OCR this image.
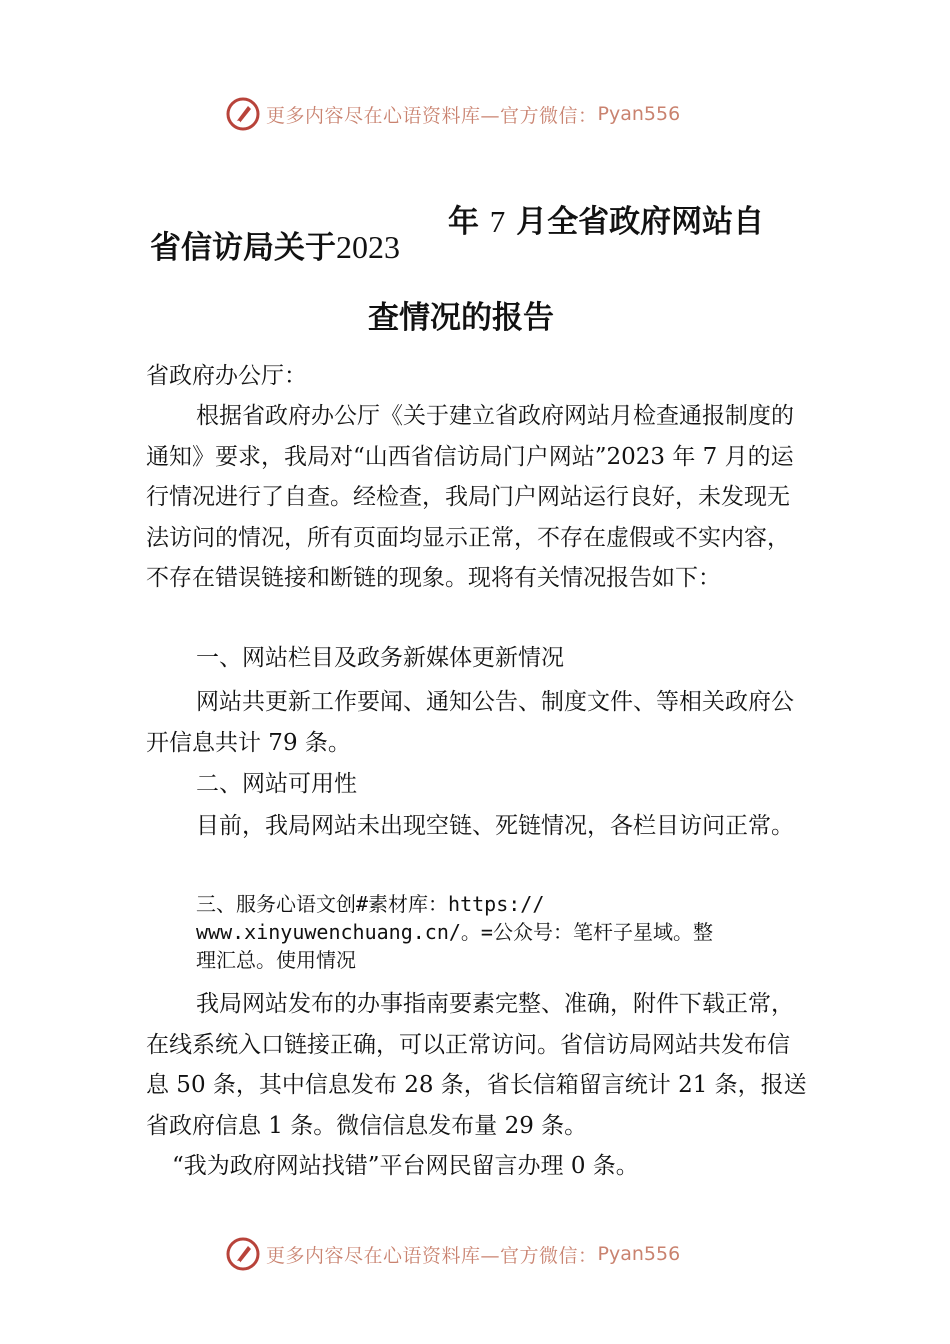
更多内容尽在心语资料库—官方微信： Pyan556
省信访局关于2023
年 7 月全省政府网站自
查情况的报告
省政府办公厅：
根据省政府办公厅《关于建立省政府网站月检查通报制度的通知》要求，我局对“山西省信访局门户网站”2023 年 7 月的运行情况进行了自查。经检查，我局门户网站运行良好，未发现无法访问的情况，所有页面均显示正常，不存在虚假或不实内容，不存在错误链接和断链的现象。现将有关情况报告如下：
一、网站栏目及政务新媒体更新情况
网站共更新工作要闻、通知公告、制度文件、等相关政府公开信息共计 79 条。
二、网站可用性
目前，我局网站未出现空链、死链情况，各栏目访问正常。
三、服务心语文创#素材库：https://
www.xinyuwenchuang.cn/。=公众号：笔杆子星域。整
理汇总。使用情况
我局网站发布的办事指南要素完整、准确，附件下载正常，在线系统入口链接正确，可以正常访问。省信访局网站共发布信息 50 条，其中信息发布 28 条，省长信箱留言统计 21 条，报送省政府信息 1 条。微信信息发布量 29 条。
“我为政府网站找错”平台网民留言办理 0 条。
更多内容尽在心语资料库—官方微信： Pyan556
